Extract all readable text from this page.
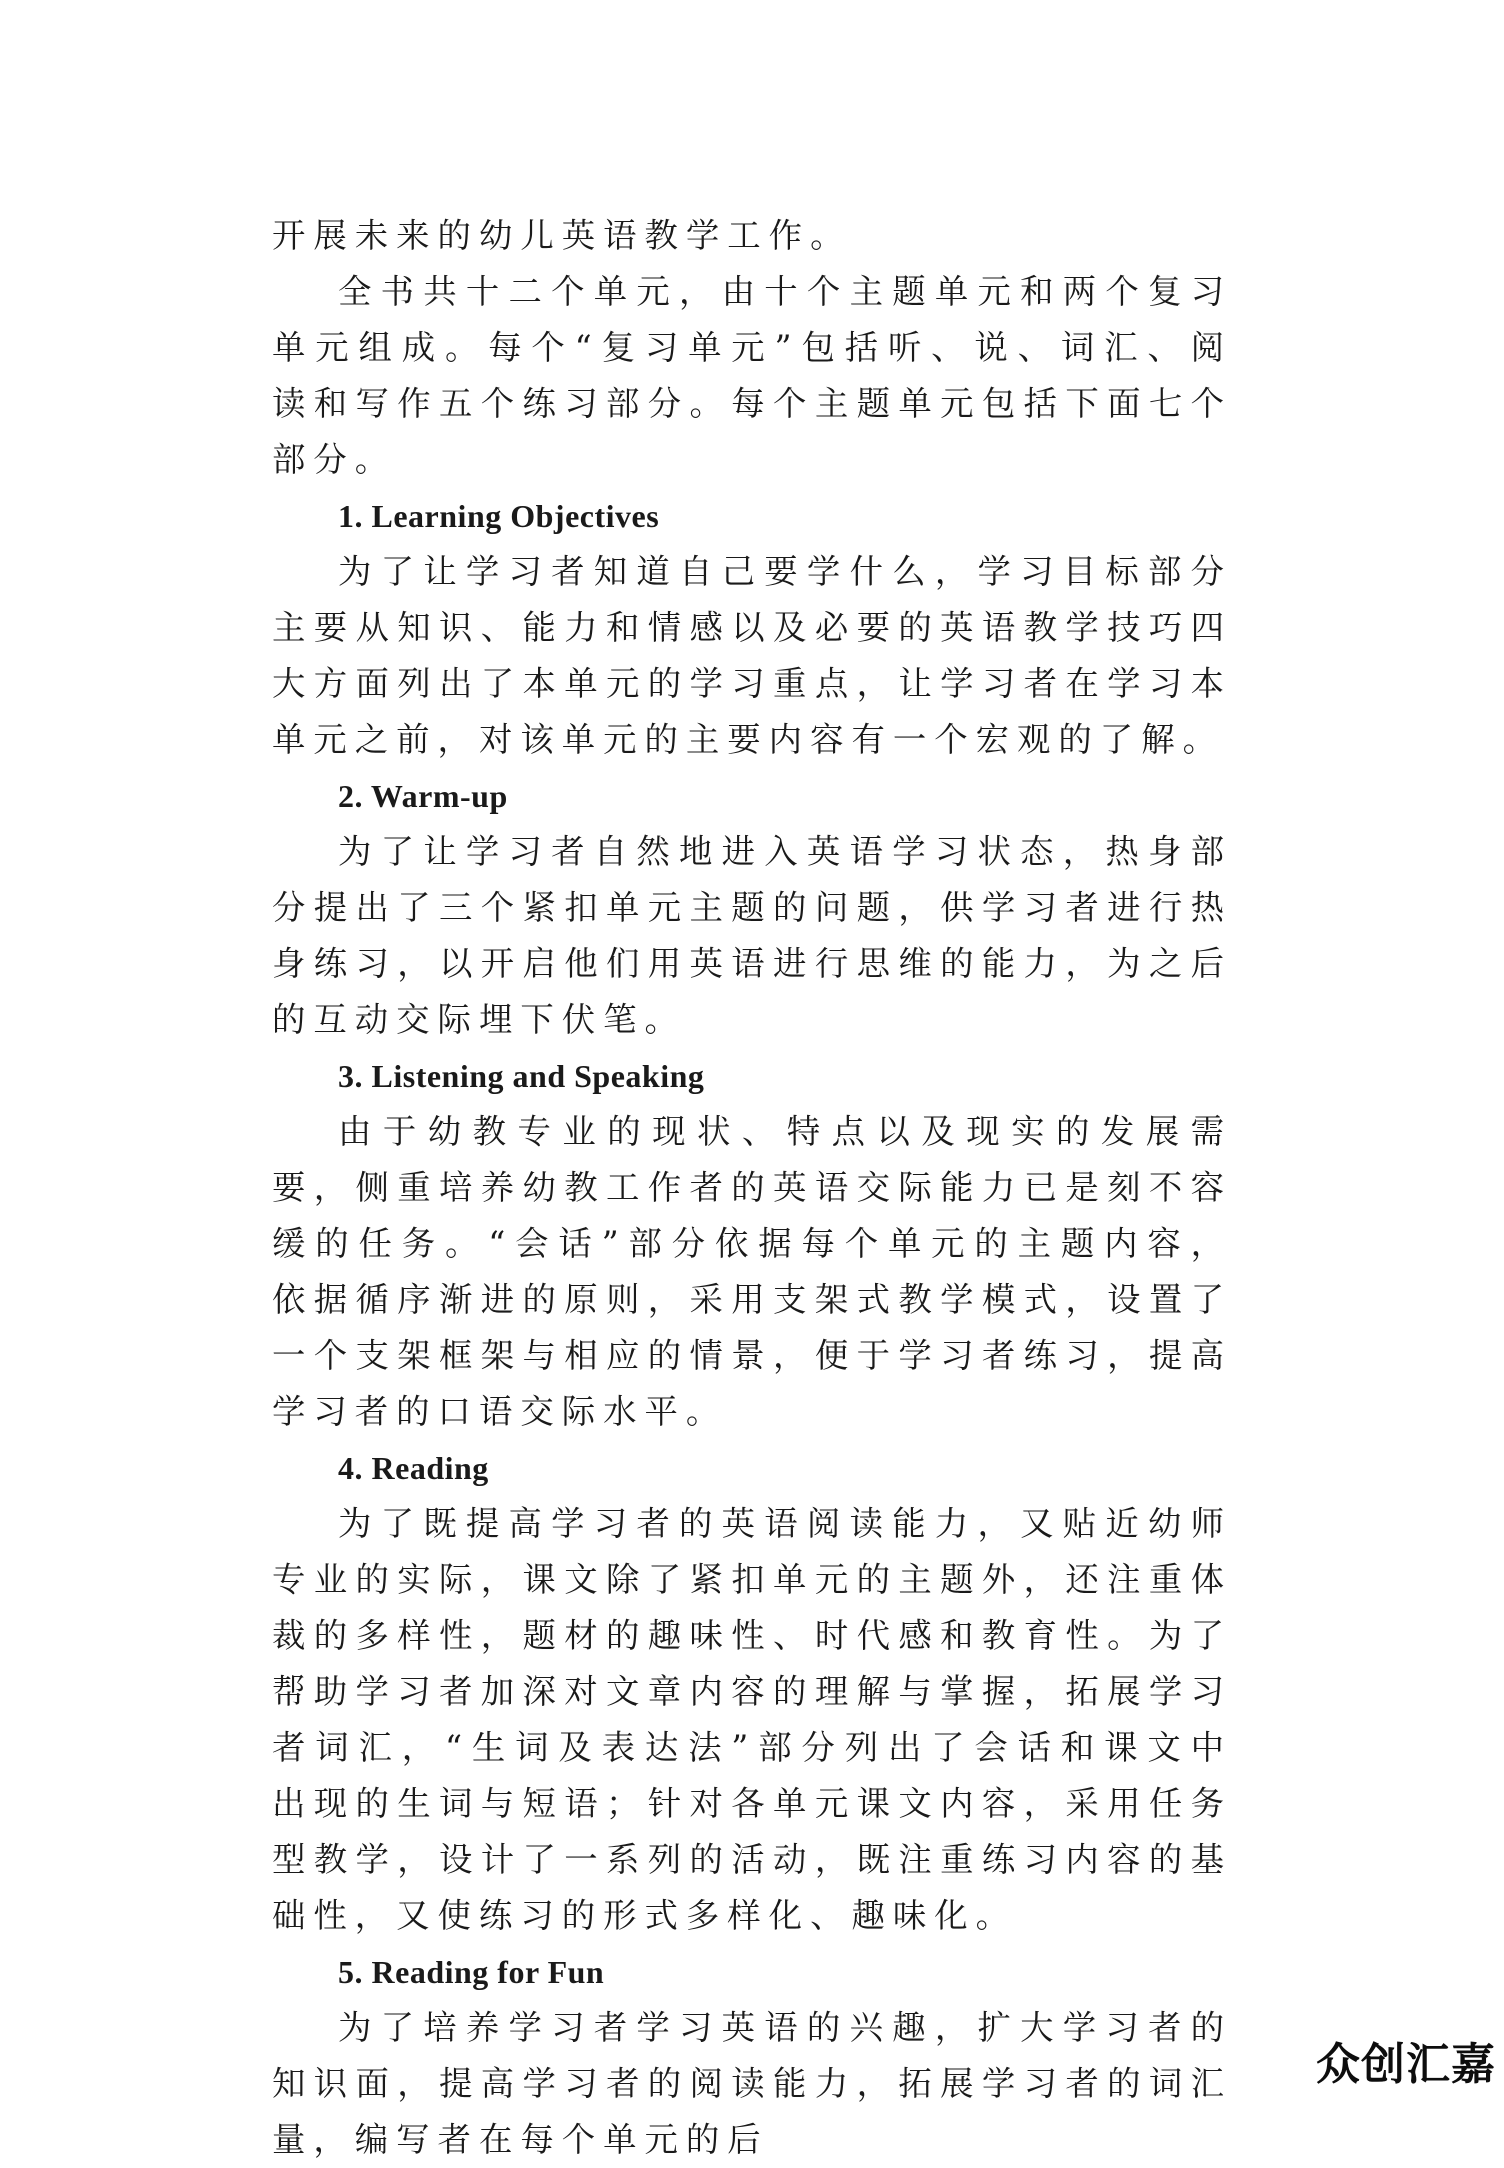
开展未来的幼儿英语教学工作。

全书共十二个单元，由十个主题单元和两个复习单元组成。每个“复习单元”包括听、说、词汇、阅读和写作五个练习部分。每个主题单元包括下面七个部分。

1. Learning Objectives

为了让学习者知道自己要学什么，学习目标部分主要从知识、能力和情感以及必要的英语教学技巧四大方面列出了本单元的学习重点，让学习者在学习本单元之前，对该单元的主要内容有一个宏观的了解。

2. Warm-up

为了让学习者自然地进入英语学习状态，热身部分提出了三个紧扣单元主题的问题，供学习者进行热身练习，以开启他们用英语进行思维的能力，为之后的互动交际埋下伏笔。

3. Listening and Speaking

由于幼教专业的现状、特点以及现实的发展需要，侧重培养幼教工作者的英语交际能力已是刻不容缓的任务。“会话”部分依据每个单元的主题内容，依据循序渐进的原则，采用支架式教学模式，设置了一个支架框架与相应的情景，便于学习者练习，提高学习者的口语交际水平。

4. Reading

为了既提高学习者的英语阅读能力，又贴近幼师专业的实际，课文除了紧扣单元的主题外，还注重体裁的多样性，题材的趣味性、时代感和教育性。为了帮助学习者加深对文章内容的理解与掌握，拓展学习者词汇，“生词及表达法”部分列出了会话和课文中出现的生词与短语；针对各单元课文内容，采用任务型教学，设计了一系列的活动，既注重练习内容的基础性，又使练习的形式多样化、趣味化。

5. Reading for Fun

为了培养学习者学习英语的兴趣，扩大学习者的知识面，提高学习者的阅读能力，拓展学习者的词汇量，编写者在每个单元的后

众创汇嘉
